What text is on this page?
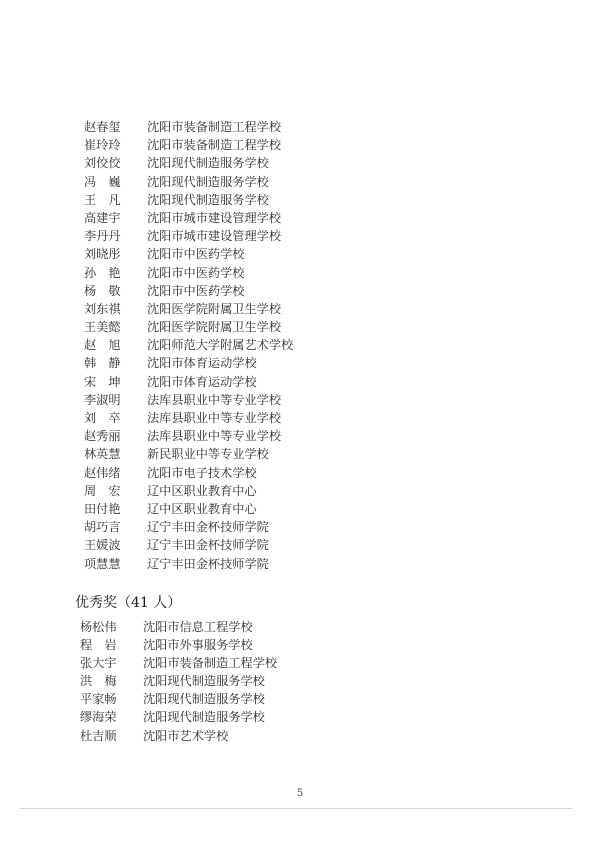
赵春玺 沈阳市装备制造工程学校
崔玲玲 沈阳市装备制造工程学校
刘佼佼 沈阳现代制造服务学校
冯　巍 沈阳现代制造服务学校
王　凡 沈阳现代制造服务学校
高建宇 沈阳市城市建设管理学校
李丹丹 沈阳市城市建设管理学校
刘晓彤 沈阳市中医药学校
孙　艳 沈阳市中医药学校
杨　敬 沈阳市中医药学校
刘东祺 沈阳医学院附属卫生学校
王美懿 沈阳医学院附属卫生学校
赵　旭 沈阳师范大学附属艺术学校
韩　静 沈阳市体育运动学校
宋　坤 沈阳市体育运动学校
李淑明 法库县职业中等专业学校
刘　卒 法库县职业中等专业学校
赵秀丽 法库县职业中等专业学校
林英慧 新民职业中等专业学校
赵伟绪 沈阳市电子技术学校
周　宏 辽中区职业教育中心
田付艳 辽中区职业教育中心
胡巧言 辽宁丰田金杯技师学院
王媛波 辽宁丰田金杯技师学院
项慧慧 辽宁丰田金杯技师学院
优秀奖（41 人）
杨松伟 沈阳市信息工程学校
程　岩 沈阳市外事服务学校
张大宇 沈阳市装备制造工程学校
洪　梅 沈阳现代制造服务学校
平家畅 沈阳现代制造服务学校
缪海荣 沈阳现代制造服务学校
杜吉顺 沈阳市艺术学校
5
